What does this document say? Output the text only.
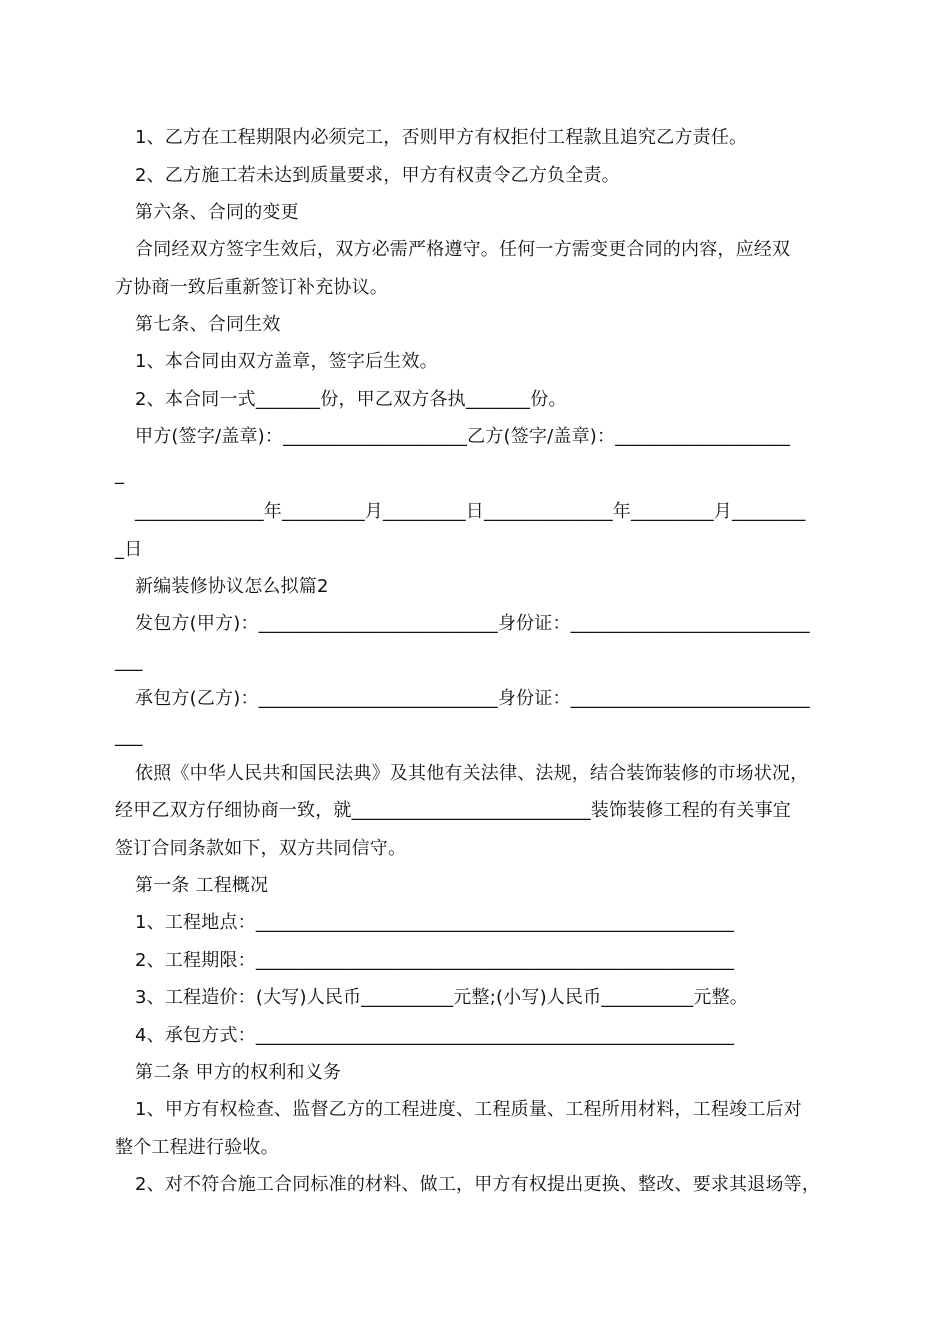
1、乙方在工程期限内必须完工，否则甲方有权拒付工程款且追究乙方责任。
2、乙方施工若未达到质量要求，甲方有权责令乙方负全责。
第六条、合同的变更
合同经双方签字生效后，双方必需严格遵守。任何一方需变更合同的内容，应经双
方协商一致后重新签订补充协议。
第七条、合同生效
1、本合同由双方盖章，签字后生效。
2、本合同一式_______份，甲乙双方各执_______份。
甲方(签字/盖章)：____________________乙方(签字/盖章)：___________________
_
______________年_________月_________日______________年_________月________
_日
新编装修协议怎么拟篇2
发包方(甲方)：__________________________身份证：__________________________
___
承包方(乙方)：__________________________身份证：__________________________
___
依照《中华人民共和国民法典》及其他有关法律、法规，结合装饰装修的市场状况，
经甲乙双方仔细协商一致，就__________________________装饰装修工程的有关事宜
签订合同条款如下，双方共同信守。
第一条 工程概况
1、工程地点：____________________________________________________
2、工程期限：____________________________________________________
3、工程造价：(大写)人民币__________元整;(小写)人民币__________元整。
4、承包方式：____________________________________________________
第二条 甲方的权利和义务
1、甲方有权检查、监督乙方的工程进度、工程质量、工程所用材料，工程竣工后对
整个工程进行验收。
2、对不符合施工合同标准的材料、做工，甲方有权提出更换、整改、要求其退场等，
